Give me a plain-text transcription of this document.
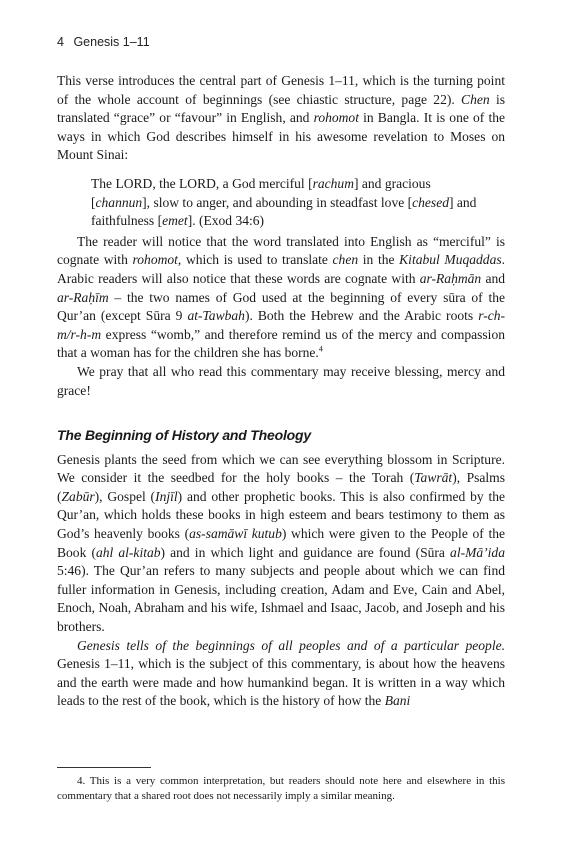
4 Genesis 1–11

This verse introduces the central part of Genesis 1–11, which is the turning point of the whole account of beginnings (see chiastic structure, page 22). Chen is translated “grace” or “favour” in English, and rohomot in Bangla. It is one of the ways in which God describes himself in his awesome revelation to Moses on Mount Sinai:

The LORD, the LORD, a God merciful [rachum] and gracious [channun], slow to anger, and abounding in steadfast love [chesed] and faithfulness [emet]. (Exod 34:6)

The reader will notice that the word translated into English as “merciful” is cognate with rohomot, which is used to translate chen in the Kitabul Muqaddas. Arabic readers will also notice that these words are cognate with ar-Raḥmān and ar-Raḥīm – the two names of God used at the beginning of every sūra of the Qur’an (except Sūra 9 at-Tawbah). Both the Hebrew and the Arabic roots r-ch-m/r-h-m express “womb,” and therefore remind us of the mercy and compassion that a woman has for the children she has borne.$^4$

We pray that all who read this commentary may receive blessing, mercy and grace!

The Beginning of History and Theology

Genesis plants the seed from which we can see everything blossom in Scripture. We consider it the seedbed for the holy books – the Torah (Tawrāt), Psalms (Zabūr), Gospel (Injīl) and other prophetic books. This is also confirmed by the Qur’an, which holds these books in high esteem and bears testimony to them as God’s heavenly books (as-samāwī kutub) which were given to the People of the Book (ahl al-kitab) and in which light and guidance are found (Sūra al-Mā’ida 5:46). The Qur’an refers to many subjects and people about which we can find fuller information in Genesis, including creation, Adam and Eve, Cain and Abel, Enoch, Noah, Abraham and his wife, Ishmael and Isaac, Jacob, and Joseph and his brothers.

Genesis tells of the beginnings of all peoples and of a particular people. Genesis 1–11, which is the subject of this commentary, is about how the heavens and the earth were made and how humankind began. It is written in a way which leads to the rest of the book, which is the history of how the Bani

4. This is a very common interpretation, but readers should note here and elsewhere in this commentary that a shared root does not necessarily imply a similar meaning.
